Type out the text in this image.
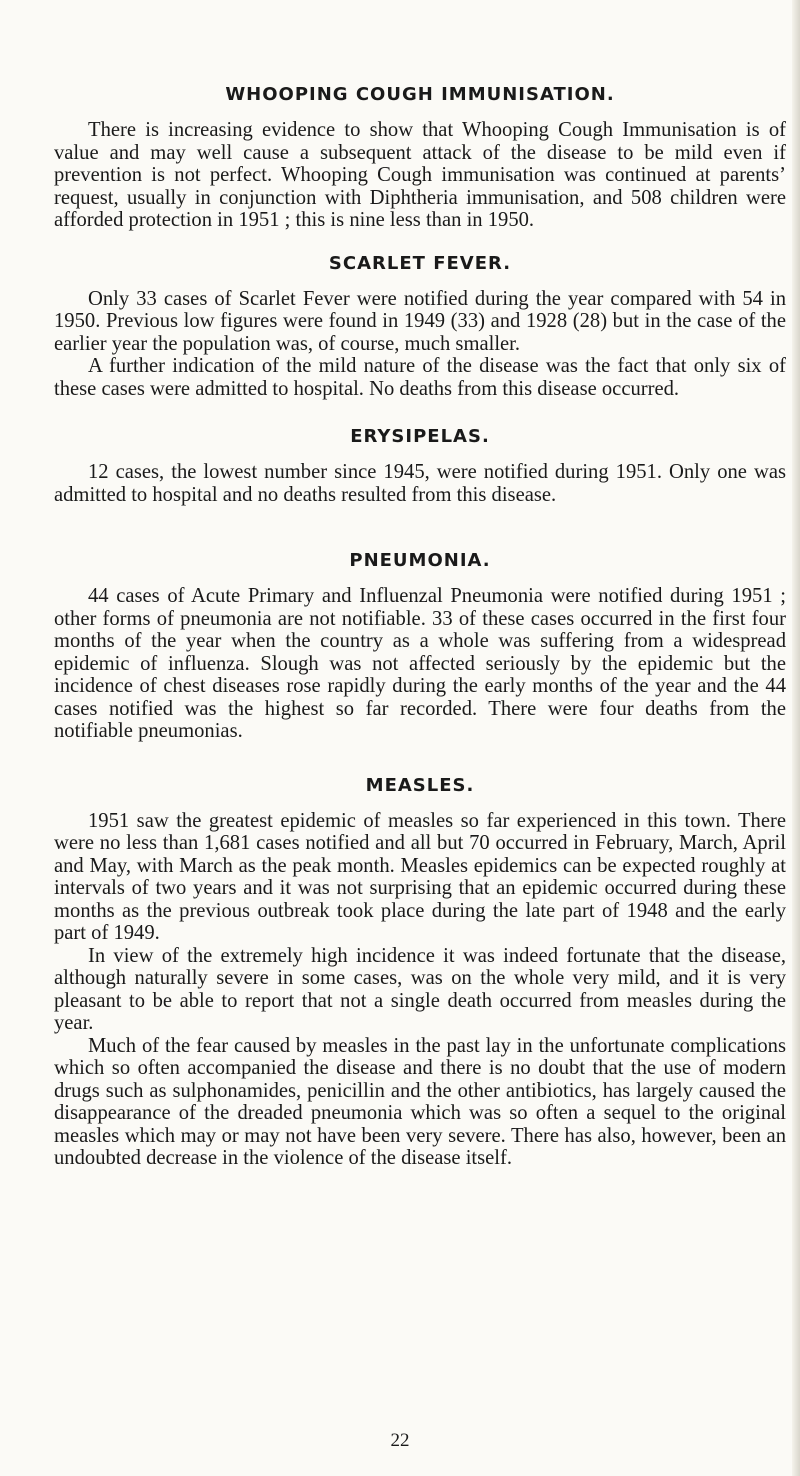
WHOOPING COUGH IMMUNISATION.

There is increasing evidence to show that Whooping Cough Immunisation is of value and may well cause a subsequent attack of the disease to be mild even if prevention is not perfect. Whooping Cough immunisation was continued at parents’ request, usually in conjunction with Diphtheria immunisation, and 508 children were afforded protection in 1951 ; this is nine less than in 1950.

SCARLET FEVER.

Only 33 cases of Scarlet Fever were notified during the year compared with 54 in 1950. Previous low figures were found in 1949 (33) and 1928 (28) but in the case of the earlier year the population was, of course, much smaller.

A further indication of the mild nature of the disease was the fact that only six of these cases were admitted to hospital. No deaths from this disease occurred.

ERYSIPELAS.

12 cases, the lowest number since 1945, were notified during 1951. Only one was admitted to hospital and no deaths resulted from this disease.

PNEUMONIA.

44 cases of Acute Primary and Influenzal Pneumonia were notified during 1951 ; other forms of pneumonia are not notifiable. 33 of these cases occurred in the first four months of the year when the country as a whole was suffering from a widespread epidemic of influenza. Slough was not affected seriously by the epidemic but the incidence of chest diseases rose rapidly during the early months of the year and the 44 cases notified was the highest so far recorded. There were four deaths from the notifiable pneumonias.

MEASLES.

1951 saw the greatest epidemic of measles so far experienced in this town. There were no less than 1,681 cases notified and all but 70 occurred in February, March, April and May, with March as the peak month. Measles epidemics can be expected roughly at intervals of two years and it was not surprising that an epidemic occurred during these months as the previous outbreak took place during the late part of 1948 and the early part of 1949.

In view of the extremely high incidence it was indeed fortunate that the disease, although naturally severe in some cases, was on the whole very mild, and it is very pleasant to be able to report that not a single death occurred from measles during the year.

Much of the fear caused by measles in the past lay in the unfortunate complications which so often accompanied the disease and there is no doubt that the use of modern drugs such as sulphonamides, penicillin and the other antibiotics, has largely caused the disappearance of the dreaded pneumonia which was so often a sequel to the original measles which may or may not have been very severe. There has also, however, been an undoubted decrease in the violence of the disease itself.

22
